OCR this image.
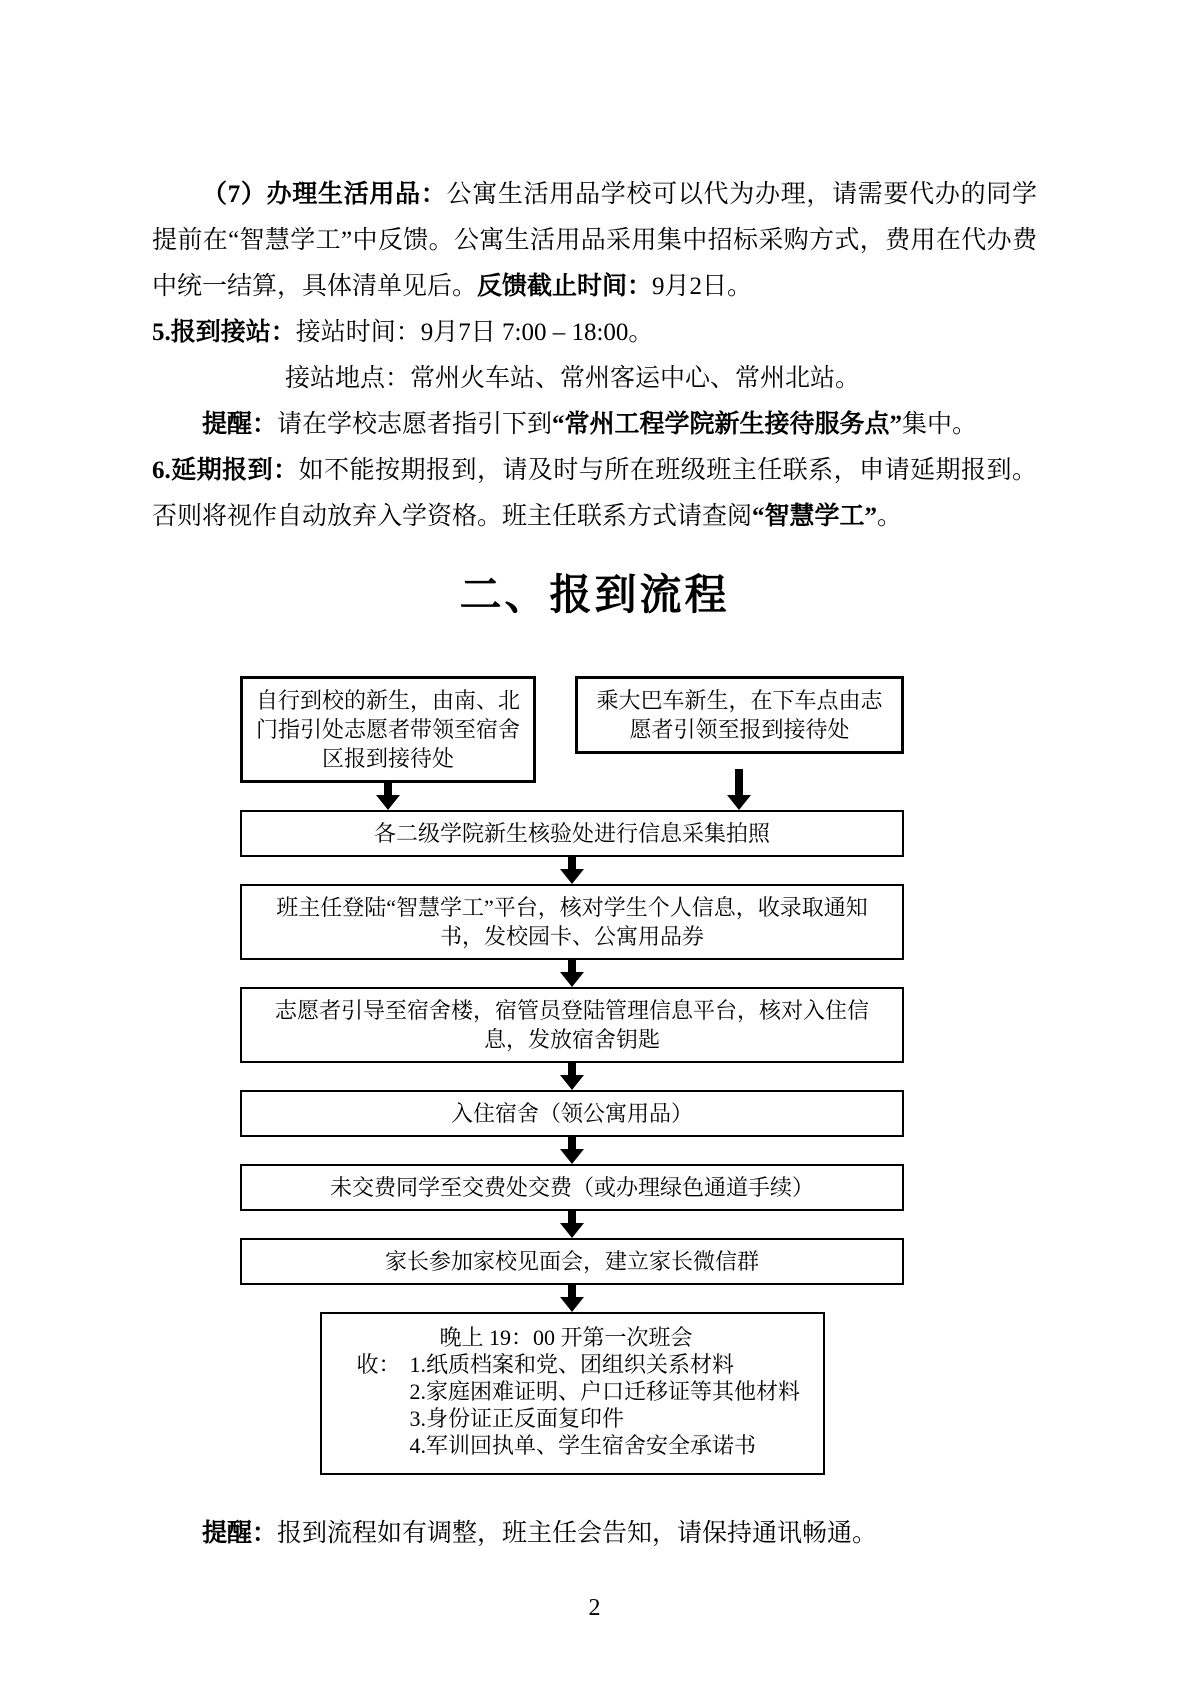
（7）办理生活用品：公寓生活用品学校可以代为办理，请需要代办的同学提前在“智慧学工”中反馈。公寓生活用品采用集中招标采购方式，费用在代办费中统一结算，具体清单见后。反馈截止时间：9月2日。

5.报到接站：接站时间：9月7日 7:00 – 18:00。

接站地点：常州火车站、常州客运中心、常州北站。

提醒：请在学校志愿者指引下到“常州工程学院新生接待服务点”集中。

6.延期报到：如不能按期报到，请及时与所在班级班主任联系，申请延期报到。否则将视作自动放弃入学资格。班主任联系方式请查阅“智慧学工”。

二、报到流程
自行到校的新生，由南、北门指引处志愿者带领至宿舍区报到接待处
乘大巴车新生，在下车点由志愿者引领至报到接待处
各二级学院新生核验处进行信息采集拍照
班主任登陆“智慧学工”平台，核对学生个人信息，收录取通知书，发校园卡、公寓用品券
志愿者引导至宿舍楼，宿管员登陆管理信息平台，核对入住信息，发放宿舍钥匙
入住宿舍（领公寓用品）
未交费同学至交费处交费（或办理绿色通道手续）
家长参加家校见面会，建立家长微信群
晚上 19：00 开第一次班会
收： 1.纸质档案和党、团组织关系材料
2.家庭困难证明、户口迁移证等其他材料
3.身份证正反面复印件
4.军训回执单、学生宿舍安全承诺书

提醒：报到流程如有调整，班主任会告知，请保持通讯畅通。

2
